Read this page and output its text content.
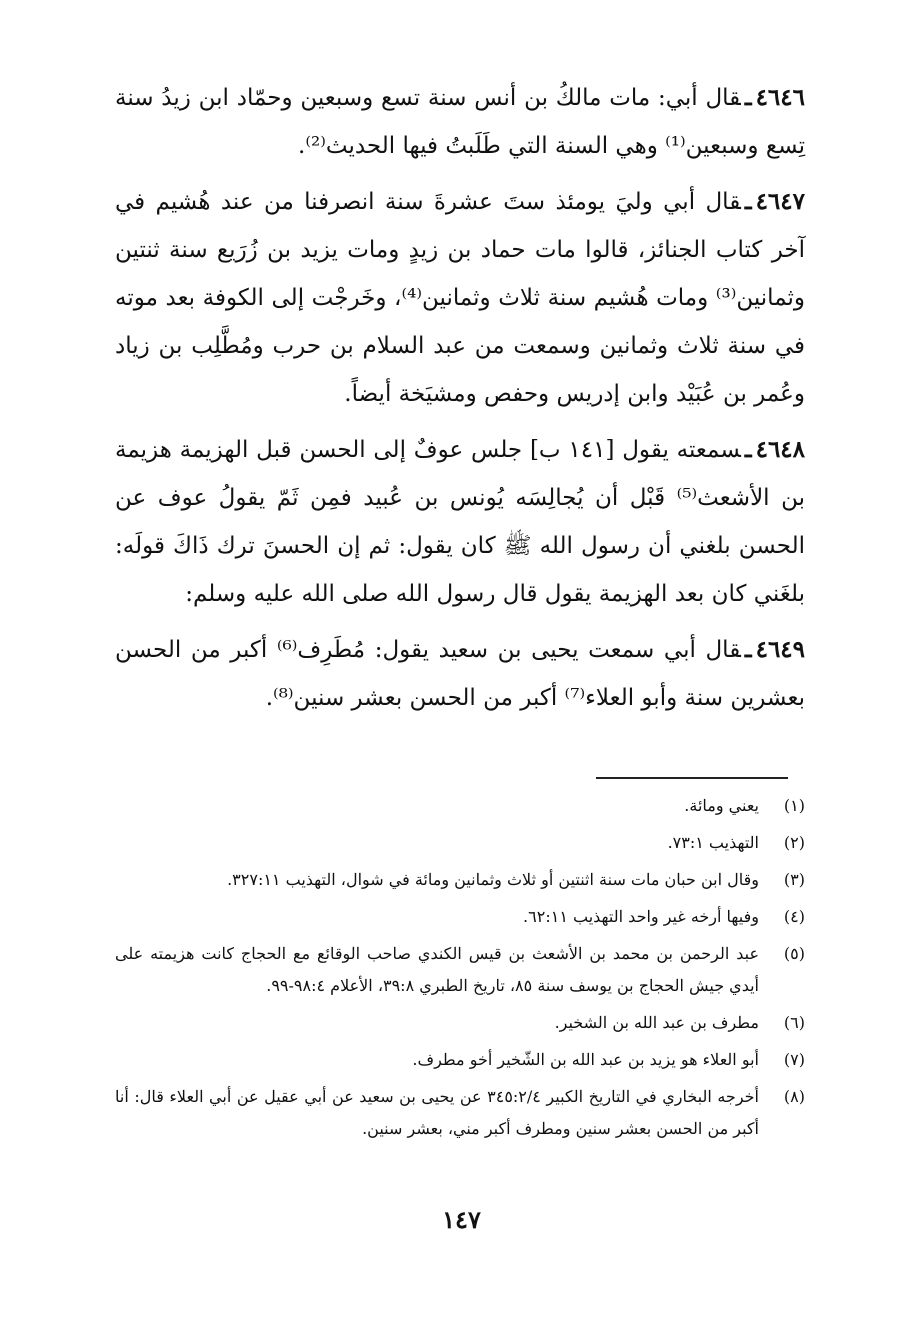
٤٦٤٦ـقال أبي: مات مالكُ بن أنس سنة تسع وسبعين وحمّاد ابن زيدُ سنة تِسع وسبعين⁽¹⁾ وهي السنة التي طَلَبتُ فيها الحديث⁽²⁾.

٤٦٤٧ـقال أبي وليَ يومئذ ستَ عشرةَ سنة انصرفنا من عند هُشيم في آخر كتاب الجنائز، قالوا مات حماد بن زيدٍ ومات يزيد بن زُرَيع سنة ثنتين وثمانين⁽³⁾ ومات هُشيم سنة ثلاث وثمانين⁽⁴⁾، وخَرجْت إلى الكوفة بعد موته في سنة ثلاث وثمانين وسمعت من عبد السلام بن حرب ومُطَّلِب بن زياد وعُمر بن عُبَيْد وابن إدريس وحفص ومشيَخة أيضاً.

٤٦٤٨ـسمعته يقول [١٤١ ب] جلس عوفٌ إلى الحسن قبل الهزيمة هزيمة بن الأشعث⁽⁵⁾ قَبْل أن يُجالِسَه يُونس بن عُبيد فمِن ثَمّ يقولُ عوف عن الحسن بلغني أن رسول الله ﷺ كان يقول: ثم إن الحسنَ ترك ذَاكَ قولَه: بلغَني كان بعد الهزيمة يقول قال رسول الله صلى الله عليه وسلم:

٤٦٤٩ـقال أبي سمعت يحيى بن سعيد يقول: مُطَرِف⁽⁶⁾ أكبر من الحسن بعشرين سنة وأبو العلاء⁽⁷⁾ أكبر من الحسن بعشر سنين⁽⁸⁾.

(١)
يعني ومائة.
(٢)
التهذيب ٧٣:١.
(٣)
وقال ابن حبان مات سنة اثنتين أو ثلاث وثمانين ومائة في شوال، التهذيب ٣٢٧:١١.
(٤)
وفيها أرخه غير واحد التهذيب ٦٢:١١.
(٥)
عبد الرحمن بن محمد بن الأشعث بن قيس الكندي صاحب الوقائع مع الحجاج كانت هزيمته على أيدي جيش الحجاج بن يوسف سنة ٨٥، تاريخ الطبري ٣٩:٨، الأعلام ٩٨:٤-٩٩.
(٦)
مطرف بن عبد الله بن الشخير.
(٧)
أبو العلاء هو يزيد بن عبد الله بن الشّخير أخو مطرف.
(٨)
أخرجه البخاري في التاريخ الكبير ٣٤٥:٢/٤ عن يحيى بن سعيد عن أبي عقيل عن أبي العلاء قال: أنا أكبر من الحسن بعشر سنين ومطرف أكبر مني، بعشر سنين.
١٤٧
